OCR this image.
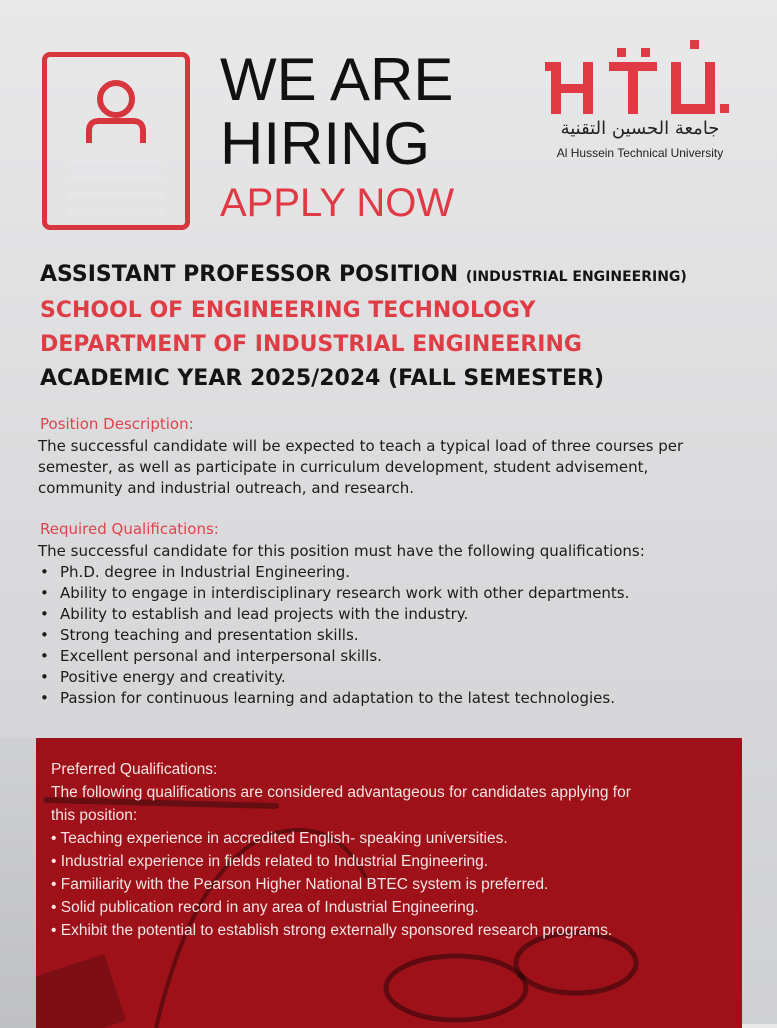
WE ARE
HIRING
APPLY NOW
جامعة الحسين التقنية
Al Hussein Technical University
ASSISTANT PROFESSOR POSITION (INDUSTRIAL ENGINEERING)
SCHOOL OF ENGINEERING TECHNOLOGY
DEPARTMENT OF INDUSTRIAL ENGINEERING
ACADEMIC YEAR 2025/2024 (FALL SEMESTER)
Position Description:
The successful candidate will be expected to teach a typical load of three courses per
semester, as well as participate in curriculum development, student advisement,
community and industrial outreach, and research.
Required Qualifications:
The successful candidate for this position must have the following qualifications:
• Ph.D. degree in Industrial Engineering.
• Ability to engage in interdisciplinary research work with other departments.
• Ability to establish and lead projects with the industry.
• Strong teaching and presentation skills.
• Excellent personal and interpersonal skills.
• Positive energy and creativity.
• Passion for continuous learning and adaptation to the latest technologies.
Preferred Qualifications:
The following qualifications are considered advantageous for candidates applying for
this position:
• Teaching experience in accredited English- speaking universities.
• Industrial experience in fields related to Industrial Engineering.
• Familiarity with the Pearson Higher National BTEC system is preferred.
• Solid publication record in any area of Industrial Engineering.
• Exhibit the potential to establish strong externally sponsored research programs.
